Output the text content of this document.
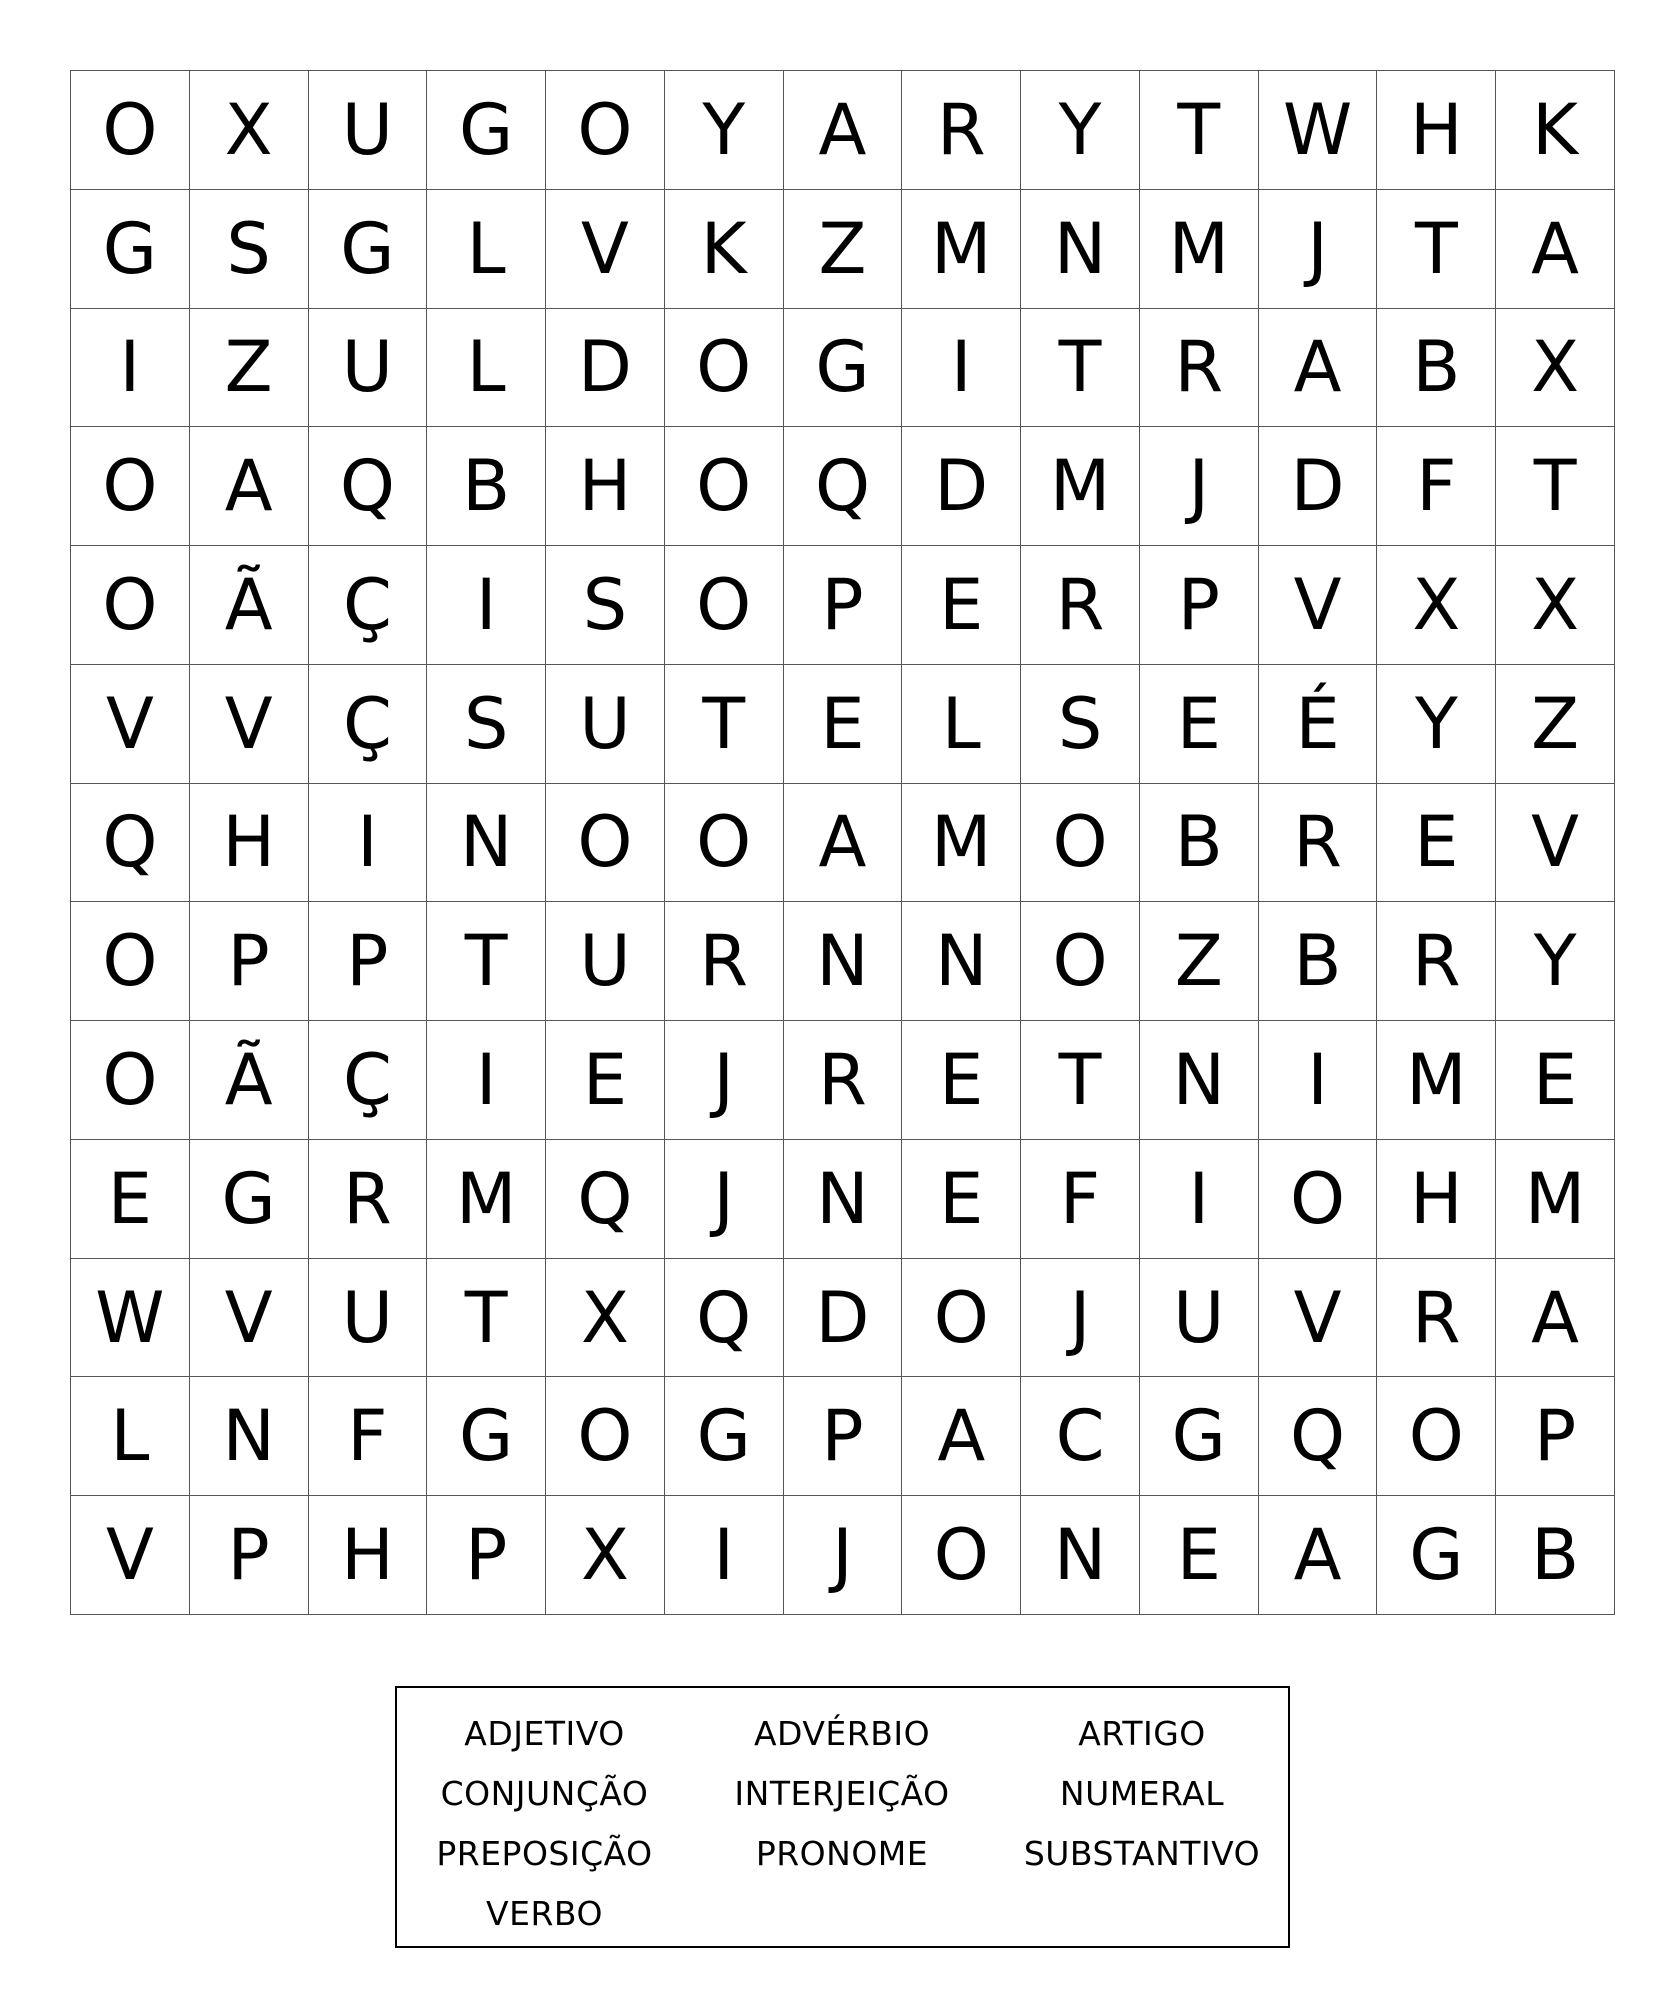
O X U G O Y	A	R	Y	T W H K
G S G	L	V	K	Z M N M	J	T	A
I	Z U	L	D O G	I	T	R	A	B	X
O A Q B H O Q D M	J	D	F	T
O Ã	Ç	I	S O	P	E	R	P	V	X	X
V	V	Ç	S	U	T	E	L	S	E	É	Y	Z
Q H	I	N O O A M O B	R	E	V
O	P	P	T	U R N N O Z	B	R	Y
O Ã	Ç	I	E	J	R	E	T	N	I	M E
E G R M Q	J	N	E	F	I	O H M
W V U	T	X Q D O	J	U V	R	A
L	N	F	G O G	P	A	C G Q O	P
V	P	H	P	X	I	J	O N	E	A G B
ADJETIVO	ADVÉRBIO	ARTIGO
CONJUNÇÃO	INTERJEIÇÃO	NUMERAL
PREPOSIÇÃO	PRONOME	SUBSTANTIVO
VERBO
